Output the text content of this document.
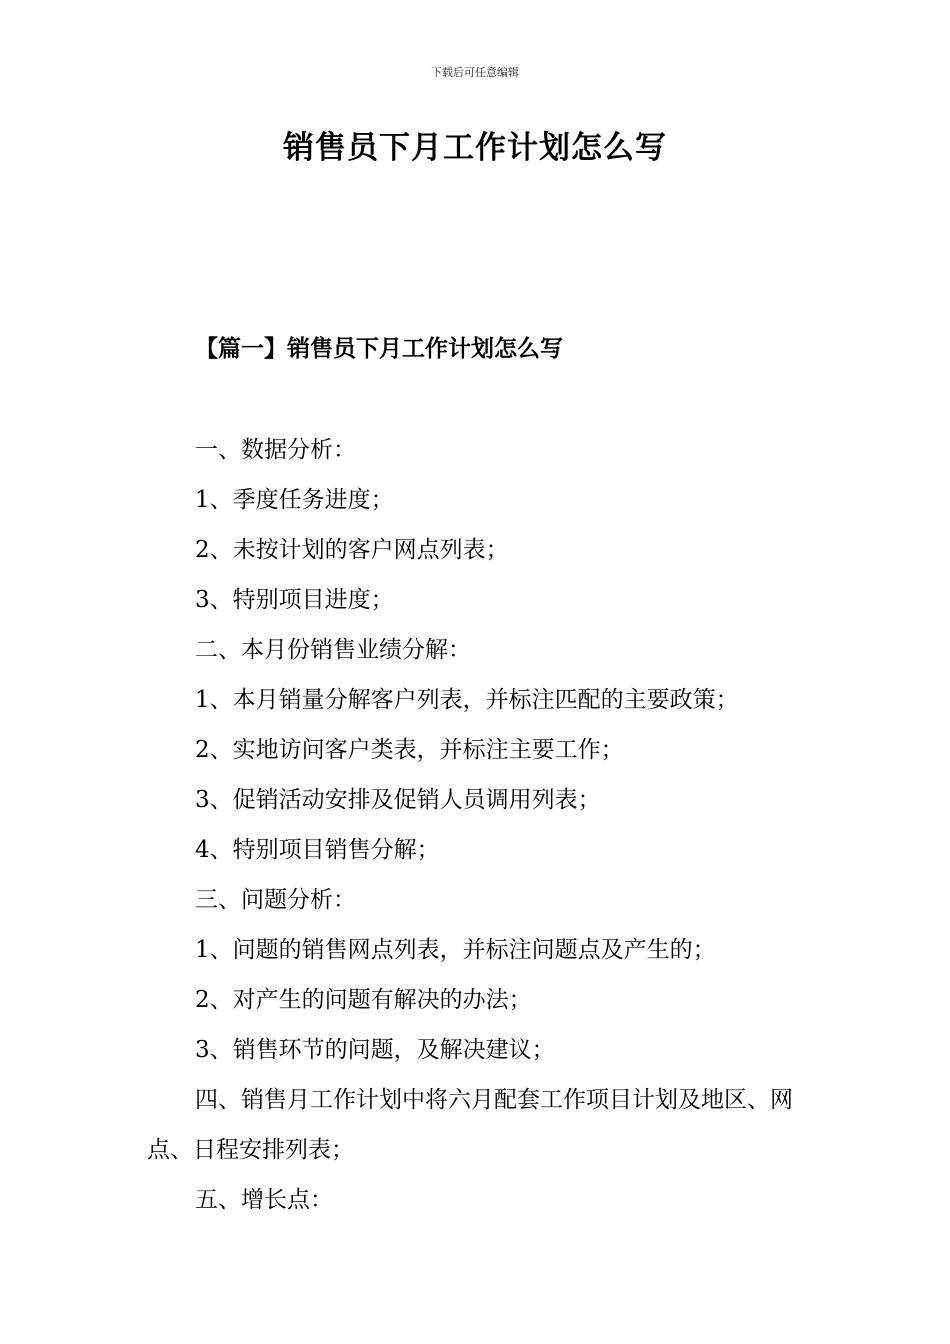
下载后可任意编辑
销售员下月工作计划怎么写
【篇一】销售员下月工作计划怎么写

一、数据分析：

1、季度任务进度；

2、未按计划的客户网点列表；

3、特别项目进度；

二、本月份销售业绩分解：

1、本月销量分解客户列表，并标注匹配的主要政策；

2、实地访问客户类表，并标注主要工作；

3、促销活动安排及促销人员调用列表；

4、特别项目销售分解；

三、问题分析：

1、问题的销售网点列表，并标注问题点及产生的；

2、对产生的问题有解决的办法；

3、销售环节的问题，及解决建议；

四、销售月工作计划中将六月配套工作项目计划及地区、网点、日程安排列表；

五、增长点：
